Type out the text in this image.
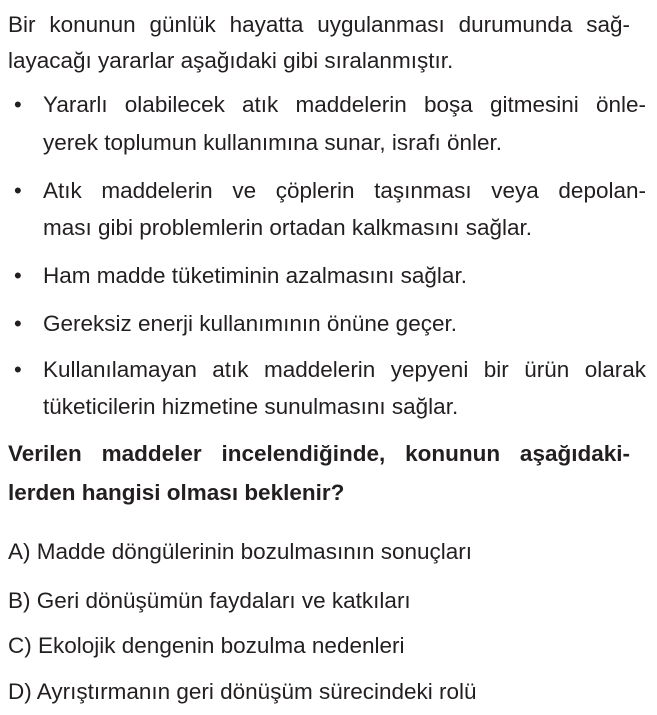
Bir konunun günlük hayatta uygulanması durumunda sağ-
layacağı yararlar aşağıdaki gibi sıralanmıştır.
•
Yararlı olabilecek atık maddelerin boşa gitmesini önle-
yerek toplumun kullanımına sunar, israfı önler.
•
Atık maddelerin ve çöplerin taşınması veya depolan-
ması gibi problemlerin ortadan kalkmasını sağlar.
•
Ham madde tüketiminin azalmasını sağlar.
•
Gereksiz enerji kullanımının önüne geçer.
•
Kullanılamayan atık maddelerin yepyeni bir ürün olarak
tüketicilerin hizmetine sunulmasını sağlar.
Verilen maddeler incelendiğinde, konunun aşağıdaki-
lerden hangisi olması beklenir?
A) Madde döngülerinin bozulmasının sonuçları
B) Geri dönüşümün faydaları ve katkıları
C) Ekolojik dengenin bozulma nedenleri
D) Ayrıştırmanın geri dönüşüm sürecindeki rolü
